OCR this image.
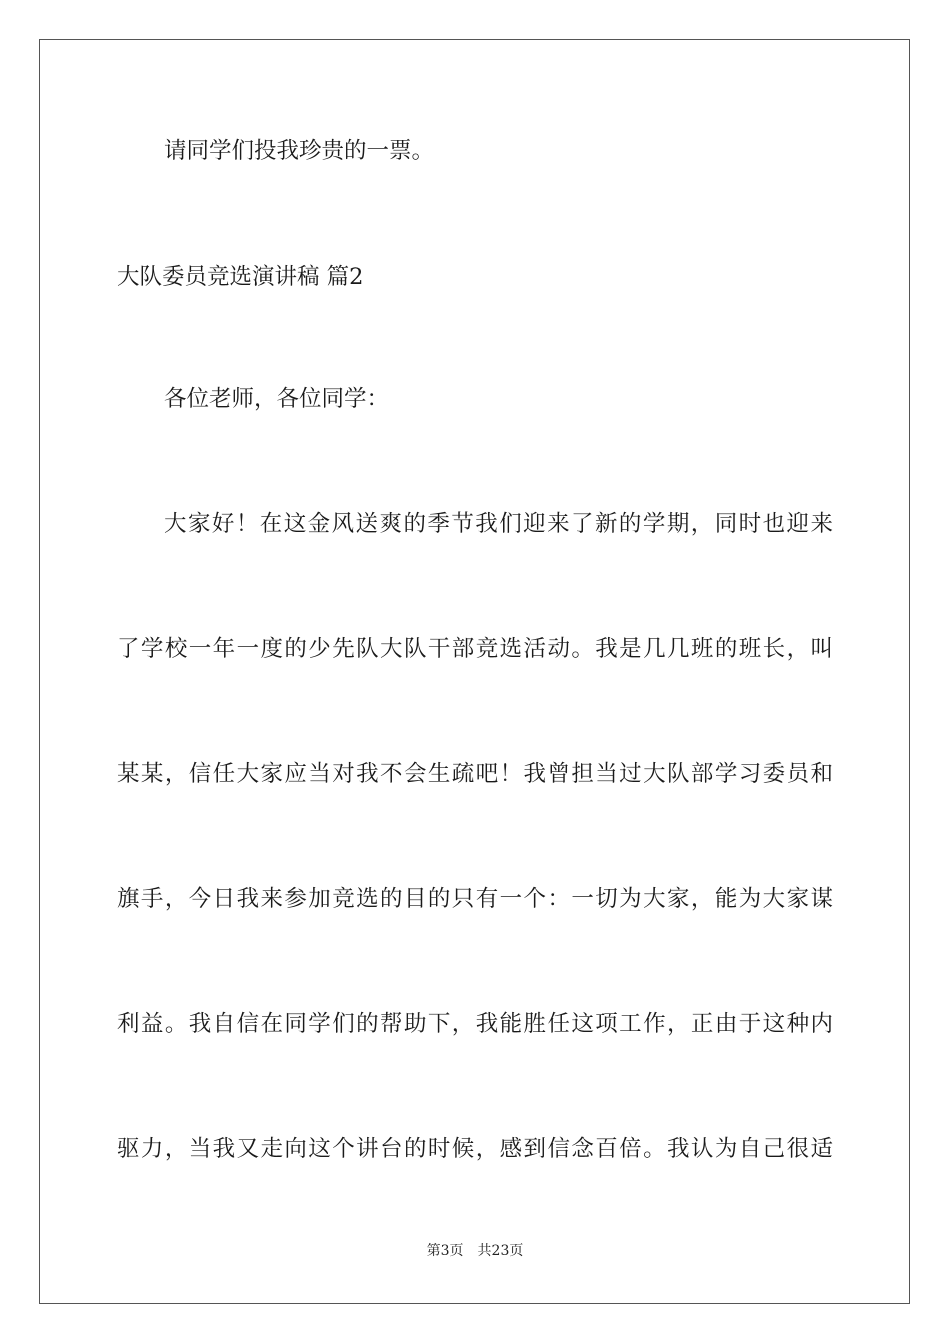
请同学们投我珍贵的一票。

大队委员竞选演讲稿 篇2

各位老师，各位同学：

大家好！在这金风送爽的季节我们迎来了新的学期，同时也迎来

了学校一年一度的少先队大队干部竞选活动。我是几几班的班长，叫

某某，信任大家应当对我不会生疏吧！我曾担当过大队部学习委员和

旗手，今日我来参加竞选的目的只有一个：一切为大家，能为大家谋

利益。我自信在同学们的帮助下，我能胜任这项工作，正由于这种内

驱力，当我又走向这个讲台的时候，感到信念百倍。我认为自己很适

第3页 共23页
